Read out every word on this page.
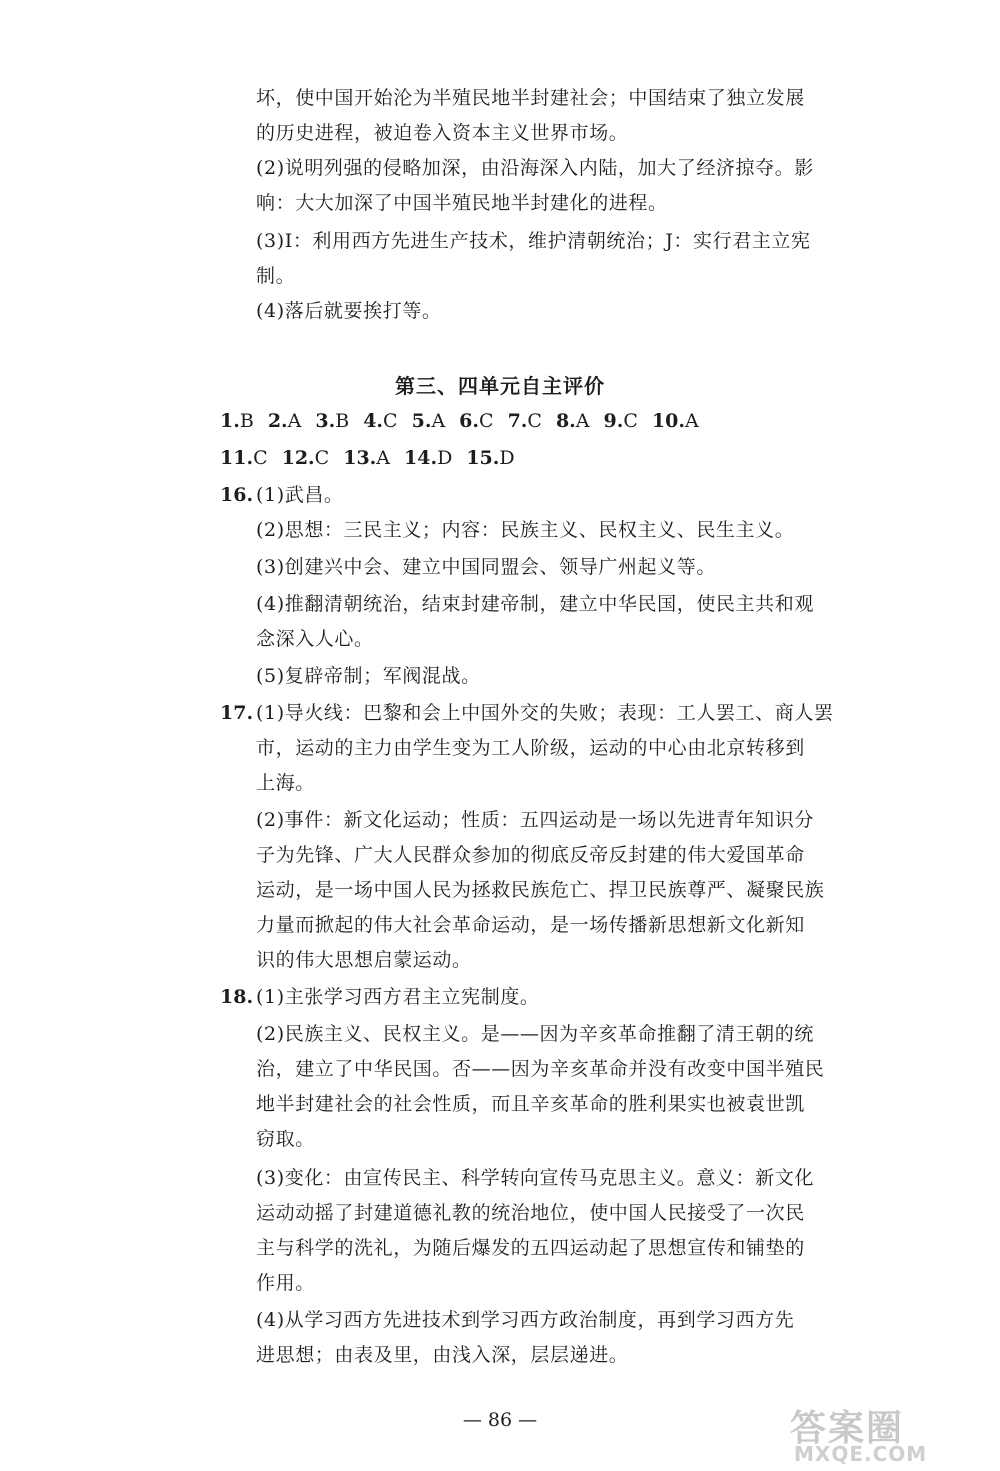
坏，使中国开始沦为半殖民地半封建社会；中国结束了独立发展
的历史进程，被迫卷入资本主义世界市场。
(2)说明列强的侵略加深，由沿海深入内陆，加大了经济掠夺。影
响：大大加深了中国半殖民地半封建化的进程。
(3)I：利用西方先进生产技术，维护清朝统治；J：实行君主立宪
制。
(4)落后就要挨打等。
第三、四单元自主评价
1.B 2.A 3.B 4.C 5.A 6.C 7.C 8.A 9.C 10.A
11.C 12.C 13.A 14.D 15.D
16. (1)武昌。
(2)思想：三民主义；内容：民族主义、民权主义、民生主义。
(3)创建兴中会、建立中国同盟会、领导广州起义等。
(4)推翻清朝统治，结束封建帝制，建立中华民国，使民主共和观
念深入人心。
(5)复辟帝制；军阀混战。
17. (1)导火线：巴黎和会上中国外交的失败；表现：工人罢工、商人罢
市，运动的主力由学生变为工人阶级，运动的中心由北京转移到
上海。
(2)事件：新文化运动；性质：五四运动是一场以先进青年知识分
子为先锋、广大人民群众参加的彻底反帝反封建的伟大爱国革命
运动，是一场中国人民为拯救民族危亡、捍卫民族尊严、凝聚民族
力量而掀起的伟大社会革命运动，是一场传播新思想新文化新知
识的伟大思想启蒙运动。
18. (1)主张学习西方君主立宪制度。
(2)民族主义、民权主义。是——因为辛亥革命推翻了清王朝的统
治，建立了中华民国。否——因为辛亥革命并没有改变中国半殖民
地半封建社会的社会性质，而且辛亥革命的胜利果实也被袁世凯
窃取。
(3)变化：由宣传民主、科学转向宣传马克思主义。意义：新文化
运动动摇了封建道德礼教的统治地位，使中国人民接受了一次民
主与科学的洗礼，为随后爆发的五四运动起了思想宣传和铺垫的
作用。
(4)从学习西方先进技术到学习西方政治制度，再到学习西方先
进思想；由表及里，由浅入深，层层递进。
— 86 —	答案圈
MXQE.COM
